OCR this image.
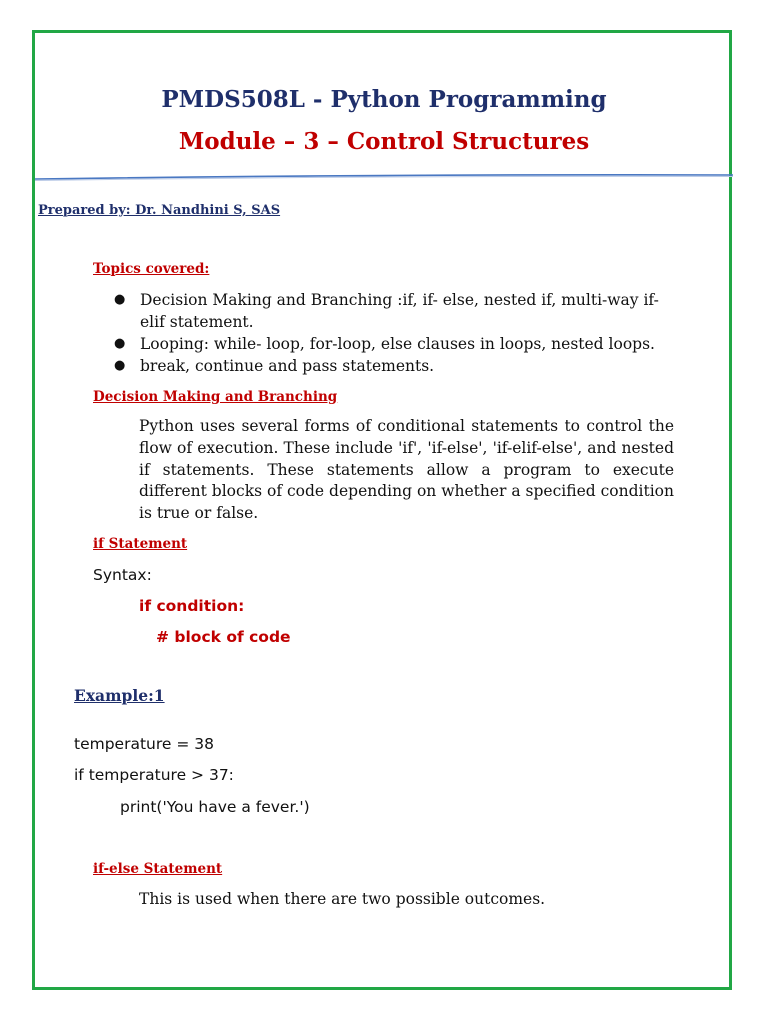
PMDS508L - Python Programming
Module – 3 – Control Structures
Prepared by: Dr. Nandhini S, SAS
Topics covered:
● Decision Making and Branching :if, if- else, nested if, multi-way if-elif statement.
● Looping: while- loop, for-loop, else clauses in loops, nested loops.
● break, continue and pass statements.
Decision Making and Branching
Python uses several forms of conditional statements to control the flow of execution. These include 'if', 'if-else', 'if-elif-else', and nested if statements. These statements allow a program to execute different blocks of code depending on whether a specified condition is true or false.
if Statement
Syntax:
if condition:
# block of code
Example:1
temperature = 38
if temperature > 37:
print('You have a fever.')
if-else Statement
This is used when there are two possible outcomes.
